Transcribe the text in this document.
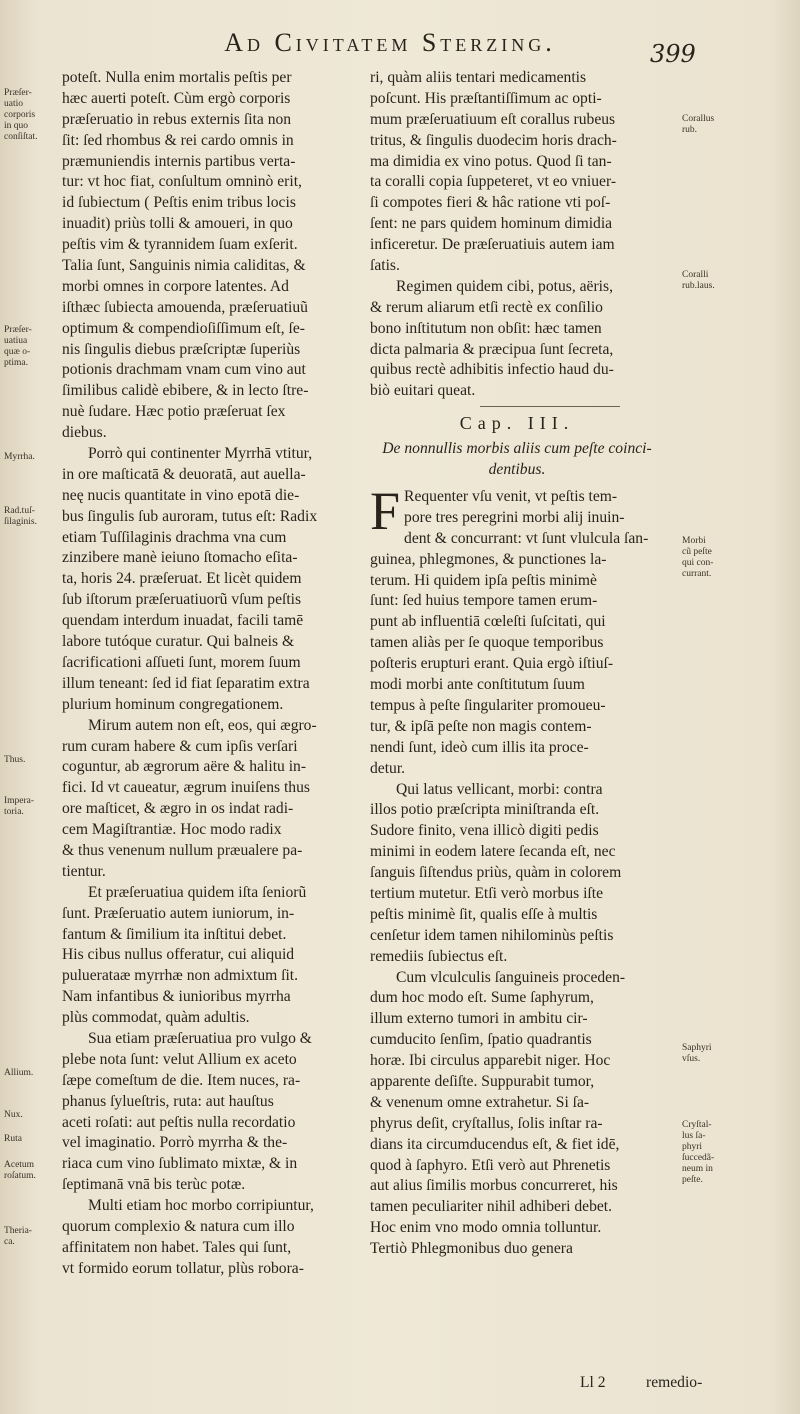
Ad Civitatem Sterzing.	399

poteſt. Nulla enim mortalis peſtis per
hæc auerti poteſt. Cùm ergò corporis
præſeruatio in rebus externis ſita non
ſit: ſed rhombus & rei cardo omnis in
præmuniendis internis partibus verta-
tur: vt hoc fiat, conſultum omninò erit,
id ſubiectum ( Peſtis enim tribus locis
inuadit) priùs tolli & amoueri, in quo
peſtis vim & tyrannidem ſuam exſerit.
Talia ſunt, Sanguinis nimia caliditas, &
morbi omnes in corpore latentes. Ad
iſthæc ſubiecta amouenda, præſeruatiuũ
optimum & compendioſiſſimum eſt, ſe-
nis ſingulis diebus præſcriptæ ſuperiùs
potionis drachmam vnam cum vino aut
ſimilibus calidè ebibere, & in lecto ſtre-
nuè ſudare. Hæc potio præſeruat ſex
diebus.

Porrò qui continenter Myrrhā vtitur,
in ore maſticatā & deuoratā, aut auella-
neę nucis quantitate in vino epotā die-
bus ſingulis ſub auroram, tutus eſt: Radix
etiam Tuſſilaginis drachma vna cum
zinzibere manè ieiuno ſtomacho eſita-
ta, horis 24. præſeruat. Et licèt quidem
ſub iſtorum præſeruatiuorũ vſum peſtis
quendam interdum inuadat, facili tamē
labore tutóque curatur. Qui balneis &
ſacrificationi aſſueti ſunt, morem ſuum
illum teneant: ſed id fiat ſeparatim extra
plurium hominum congregationem.

Mirum autem non eſt, eos, qui ægro-
rum curam habere & cum ipſis verſari
coguntur, ab ægrorum aëre & halitu in-
fici. Id vt caueatur, ægrum inuiſens thus
ore maſticet, & ægro in os indat radi-
cem Magiſtrantiæ. Hoc modo radix
& thus venenum nullum præualere pa-
tientur.

Et præſeruatiua quidem iſta ſeniorũ
ſunt. Præſeruatio autem iuniorum, in-
fantum & ſimilium ita inſtitui debet.
His cibus nullus offeratur, cui aliquid
puluerataæ myrrhæ non admixtum ſit.
Nam infantibus & iunioribus myrrha
plùs commodat, quàm adultis.

Sua etiam præſeruatiua pro vulgo &
plebe nota ſunt: velut Allium ex aceto
ſæpe comeſtum de die. Item nuces, ra-
phanus ſylueſtris, ruta: aut hauſtus
aceti roſati: aut peſtis nulla recordatio
vel imaginatio. Porrò myrrha & the-
riaca cum vino ſublimato mixtæ, & in
ſeptimanā vnā bis terùc potæ.

Multi etiam hoc morbo corripiuntur,
quorum complexio & natura cum illo
affinitatem non habet. Tales qui ſunt,
vt formido eorum tollatur, plùs robora-

ri, quàm aliis tentari medicamentis
poſcunt. His præſtantiſſimum ac opti-
mum præſeruatiuum eſt corallus rubeus
tritus, & ſingulis duodecim horis drach-
ma dimidia ex vino potus. Quod ſi tan-
ta coralli copia ſuppeteret, vt eo vniuer-
ſi compotes fieri & hâc ratione vti poſ-
ſent: ne pars quidem hominum dimidia
inficeretur. De præſeruatiuis autem iam
ſatis.

Regimen quidem cibi, potus, aëris,
& rerum aliarum etſi rectè ex conſilio
bono inſtitutum non obſit: hæc tamen
dicta palmaria & præcipua ſunt ſecreta,
quibus rectè adhibitis infectio haud du-
biò euitari queat.

Cap. III.
De nonnullis morbis aliis cum peſte coinci-
dentibus.
F Requenter vſu venit, vt peſtis tem-
pore tres peregrini morbi alij inuin-
dent & concurrant: vt ſunt vlulcula ſan-
guinea, phlegmones, & punctiones la-
terum. Hi quidem ipſa peſtis minimè
ſunt: ſed huius tempore tamen erum-
punt ab influentiā cœleſti ſuſcitati, qui
tamen aliàs per ſe quoque temporibus
poſteris erupturi erant. Quia ergò iſtiuſ-
modi morbi ante conſtitutum ſuum
tempus à peſte ſingulariter promoueu-
tur, & ipſā peſte non magis contem-
nendi ſunt, ideò cum illis ita proce-
detur.

Qui latus vellicant, morbi: contra
illos potio præſcripta miniſtranda eſt.
Sudore finito, vena illicò digiti pedis
minimi in eodem latere ſecanda eſt, nec
ſanguis ſiſtendus priùs, quàm in colorem
tertium mutetur. Etſi verò morbus iſte
peſtis minimè ſit, qualis eſſe à multis
cenſetur idem tamen nihilominùs peſtis
remediis ſubiectus eſt.

Cum vlculculis ſanguineis proceden-
dum hoc modo eſt. Sume ſaphyrum,
illum externo tumori in ambitu cir-
cumducito ſenſim, ſpatio quadrantis
horæ. Ibi circulus apparebit niger. Hoc
apparente deſiſte. Suppurabit tumor,
& venenum omne extrahetur. Si ſa-
phyrus deſit, cryſtallus, ſolis inſtar ra-
dians ita circumducendus eſt, & fiet idē,
quod à ſaphyro. Etſi verò aut Phrenetis
aut alius ſimilis morbus concurreret, his
tamen peculiariter nihil adhiberi debet.
Hoc enim vno modo omnia tolluntur.
Tertiò Phlegmonibus duo genera

Præſer-
uatio
corporis
in quo
conſiſtat.
Præſer-
uatiua
quæ o-
ptima.
Myrrha.
Rad.tuſ-
ſilaginis.
Thus.
Impera-
toria.
Allium.
Nux.
Ruta
Acetum
roſatum.
Theria-
ca.
Corallus
rub.
Coralli
rub.laus.
Morbi
cũ peſte
qui con-
currant.
Saphyri
vſus.
Cryſtal-
lus ſa-
phyri
ſuccedã-
neum in
peſte.
Ll 2	remedio-
